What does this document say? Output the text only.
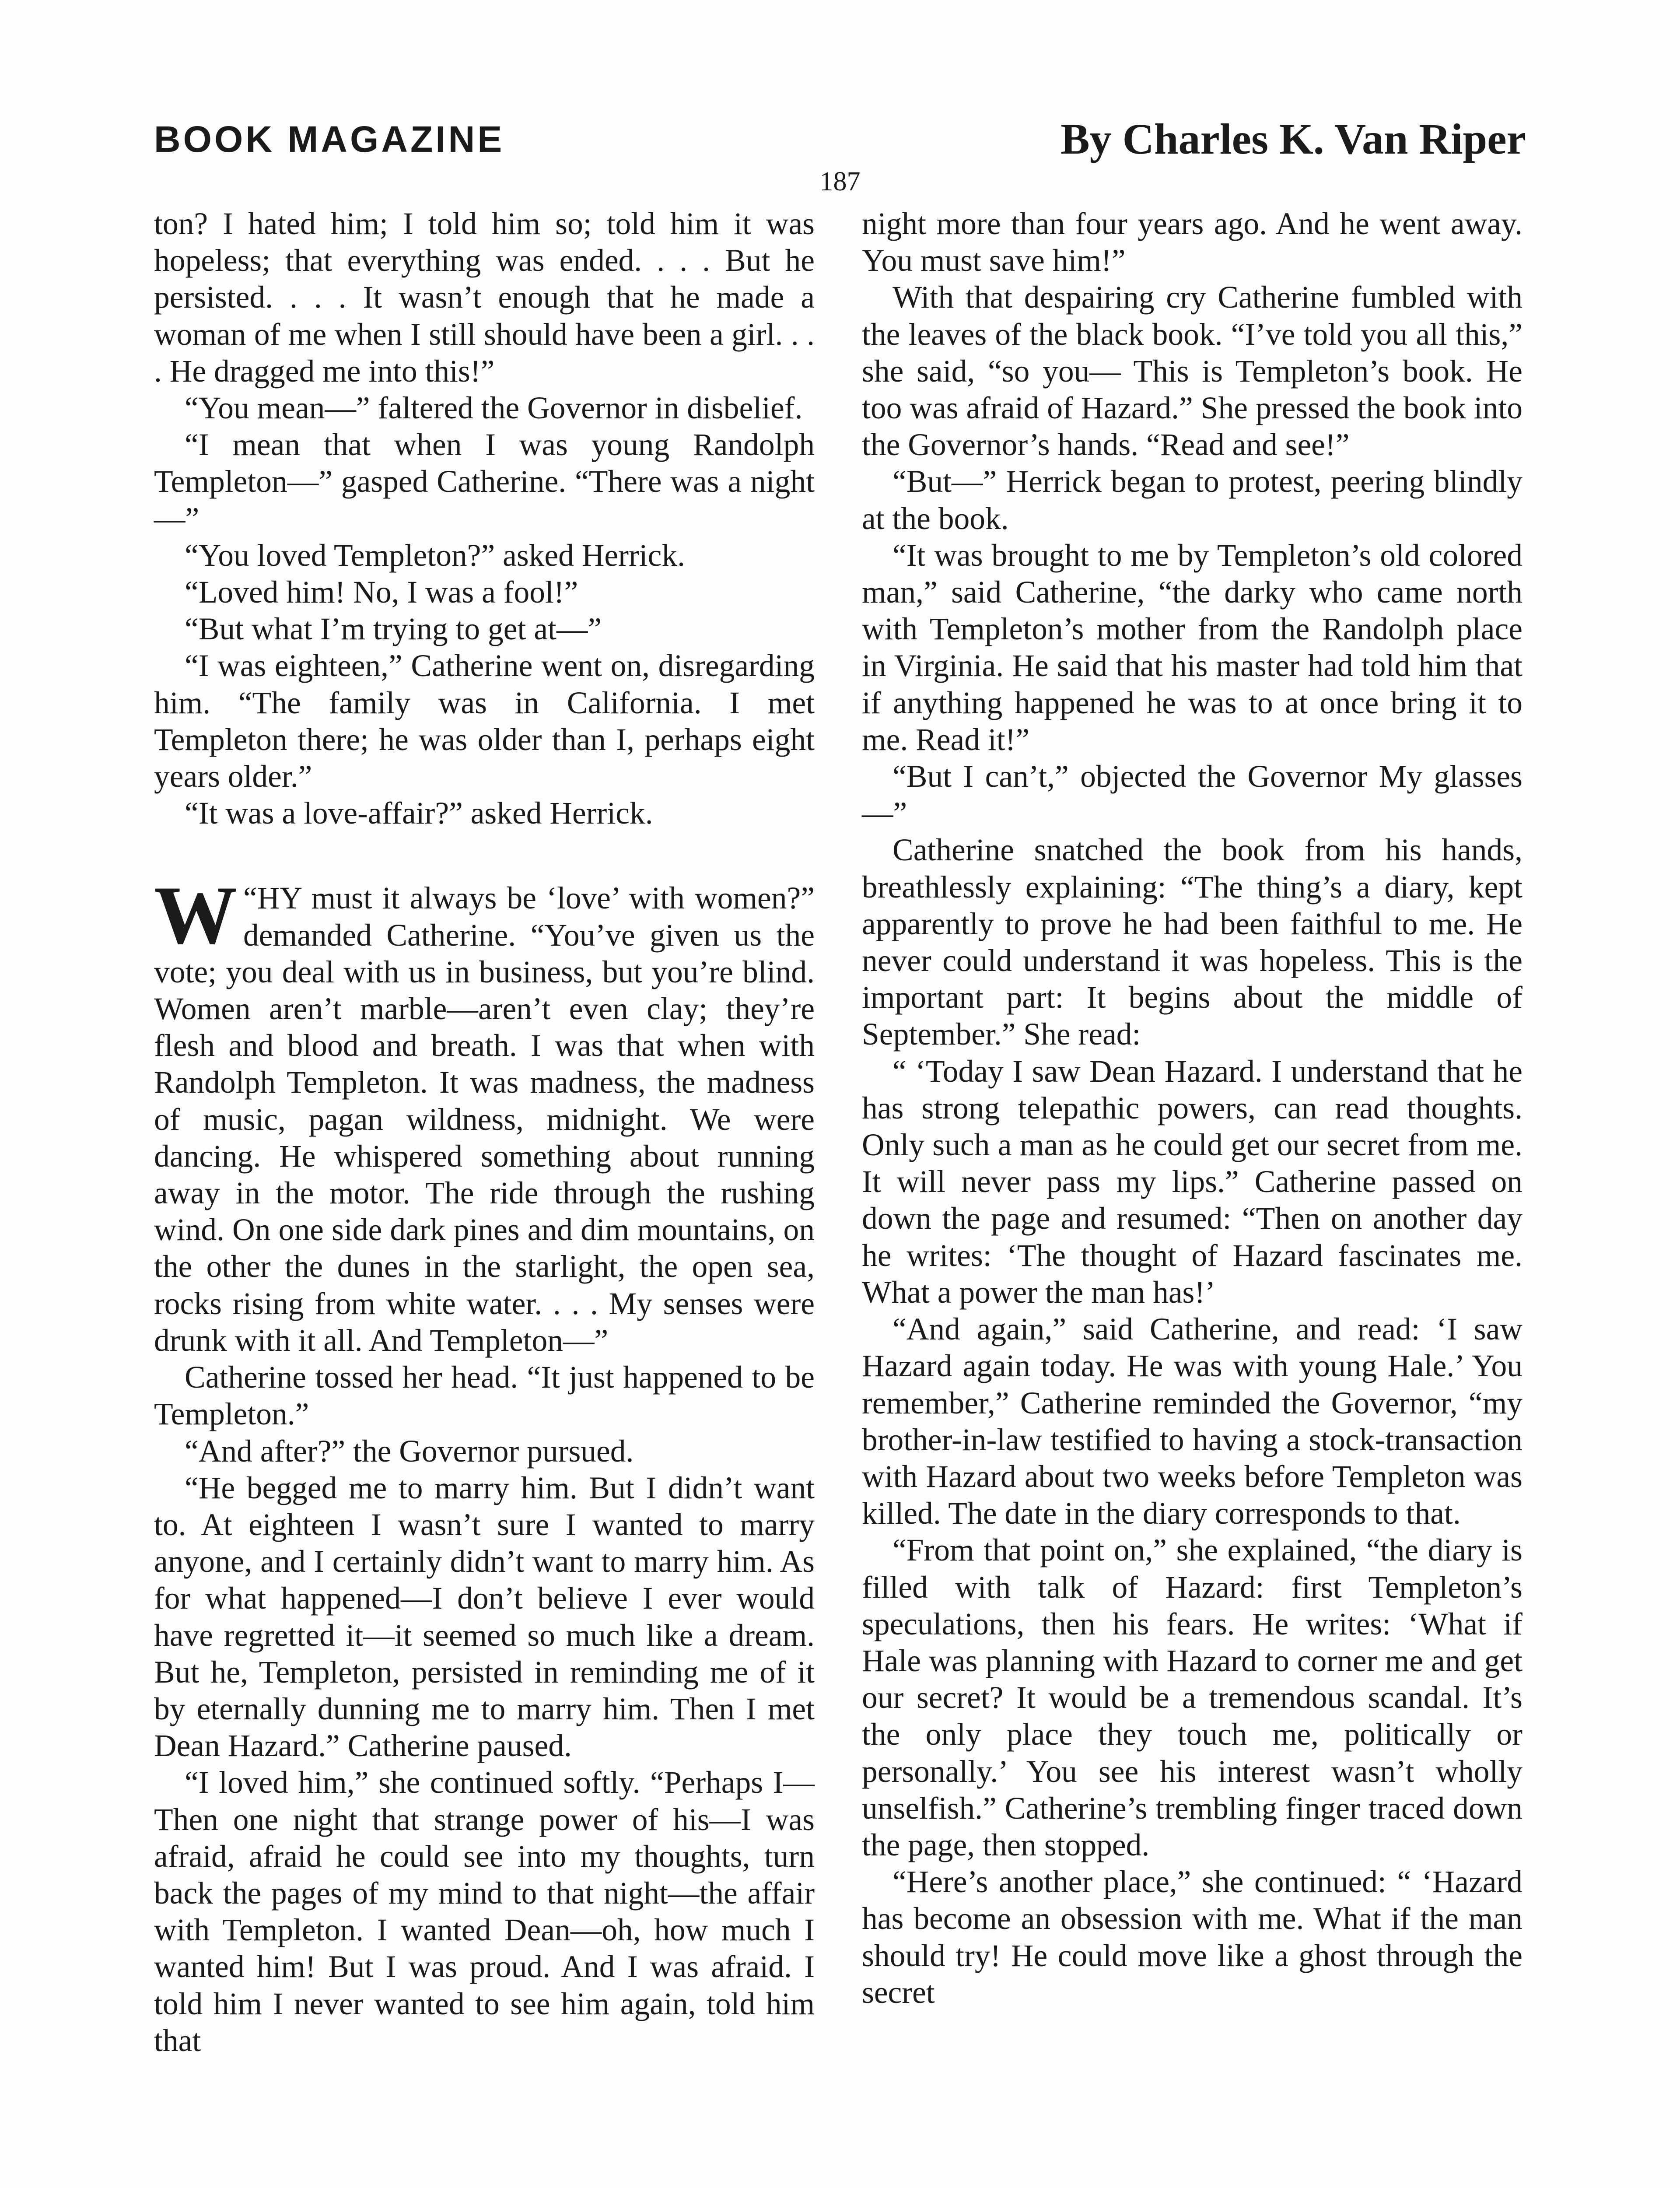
BOOK MAGAZINE	By Charles K. Van Riper
187

ton? I hated him; I told him so; told him it was hopeless; that everything was ended. . . . But he persisted. . . . It wasn’t enough that he made a woman of me when I still should have been a girl. . . . He dragged me into this!”

“You mean—” faltered the Governor in disbelief.

“I mean that when I was young Randolph Templeton—” gasped Catherine. “There was a night—”

“You loved Templeton?” asked Herrick.

“Loved him! No, I was a fool!”

“But what I’m trying to get at—”

“I was eighteen,” Catherine went on, disregarding him. “The family was in California. I met Templeton there; he was older than I, perhaps eight years older.”

“It was a love-affair?” asked Herrick.

“
W HY must it always be ‘love’ with women?” demanded Catherine. “You’ve given us the vote; you deal with us in business, but you’re blind. Women aren’t marble—aren’t even clay; they’re flesh and blood and breath. I was that when with Randolph Templeton. It was madness, the madness of music, pagan wildness, midnight. We were dancing. He whispered something about running away in the motor. The ride through the rushing wind. On one side dark pines and dim mountains, on the other the dunes in the starlight, the open sea, rocks rising from white water. . . . My senses were drunk with it all. And Templeton—”

Catherine tossed her head. “It just happened to be Templeton.”

“And after?” the Governor pursued.

“He begged me to marry him. But I didn’t want to. At eighteen I wasn’t sure I wanted to marry anyone, and I certainly didn’t want to marry him. As for what happened—I don’t believe I ever would have regretted it—it seemed so much like a dream. But he, Templeton, persisted in reminding me of it by eternally dunning me to marry him. Then I met Dean Hazard.” Catherine paused.

“I loved him,” she continued softly. “Perhaps I— Then one night that strange power of his—I was afraid, afraid he could see into my thoughts, turn back the pages of my mind to that night—the affair with Templeton. I wanted Dean—oh, how much I wanted him! But I was proud. And I was afraid. I told him I never wanted to see him again, told him that

night more than four years ago. And he went away. You must save him!”

With that despairing cry Catherine fumbled with the leaves of the black book. “I’ve told you all this,” she said, “so you— This is Templeton’s book. He too was afraid of Hazard.” She pressed the book into the Governor’s hands. “Read and see!”

“But—” Herrick began to protest, peering blindly at the book.

“It was brought to me by Templeton’s old colored man,” said Catherine, “the darky who came north with Templeton’s mother from the Randolph place in Virginia. He said that his master had told him that if anything happened he was to at once bring it to me. Read it!”

“But I can’t,” objected the Governor My glasses—”

Catherine snatched the book from his hands, breathlessly explaining: “The thing’s a diary, kept apparently to prove he had been faithful to me. He never could understand it was hopeless. This is the important part: It begins about the middle of September.” She read:

“ ‘Today I saw Dean Hazard. I understand that he has strong telepathic powers, can read thoughts. Only such a man as he could get our secret from me. It will never pass my lips.” Catherine passed on down the page and resumed: “Then on another day he writes: ‘The thought of Hazard fascinates me. What a power the man has!’

“And again,” said Catherine, and read: ‘I saw Hazard again today. He was with young Hale.’ You remember,” Catherine reminded the Governor, “my brother-in-law testified to having a stock-transaction with Hazard about two weeks before Templeton was killed. The date in the diary corresponds to that.

“From that point on,” she explained, “the diary is filled with talk of Hazard: first Templeton’s speculations, then his fears. He writes: ‘What if Hale was planning with Hazard to corner me and get our secret? It would be a tremendous scandal. It’s the only place they touch me, politically or personally.’ You see his interest wasn’t wholly unselfish.” Catherine’s trembling finger traced down the page, then stopped.

“Here’s another place,” she continued: “ ‘Hazard has become an obsession with me. What if the man should try! He could move like a ghost through the secret
